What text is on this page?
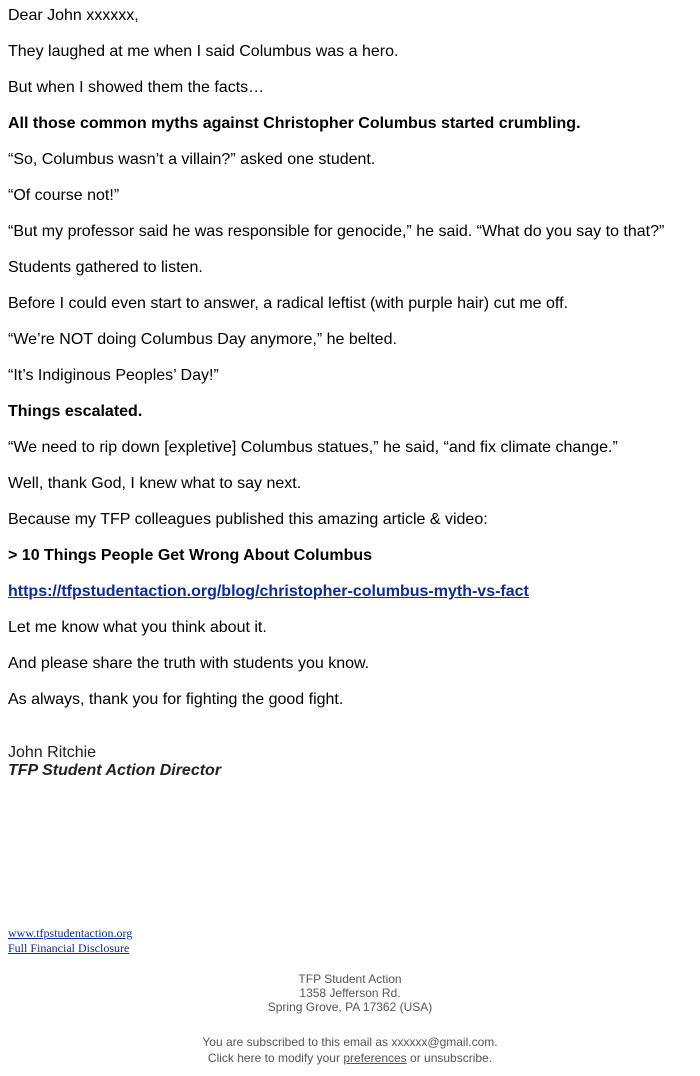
Dear John xxxxxx,

They laughed at me when I said Columbus was a hero.

But when I showed them the facts…

All those common myths against Christopher Columbus started crumbling.

“So, Columbus wasn’t a villain?” asked one student.

“Of course not!”

“But my professor said he was responsible for genocide,” he said. “What do you say to that?”

Students gathered to listen.

Before I could even start to answer, a radical leftist (with purple hair) cut me off.

“We’re NOT doing Columbus Day anymore,” he belted.

“It’s Indiginous Peoples’ Day!”

Things escalated.

“We need to rip down [expletive] Columbus statues,” he said, “and fix climate change.”

Well, thank God, I knew what to say next.

Because my TFP colleagues published this amazing article & video:

> 10 Things People Get Wrong About Columbus

https://tfpstudentaction.org/blog/christopher-columbus-myth-vs-fact

Let me know what you think about it.

And please share the truth with students you know.

As always, thank you for fighting the good fight.

John Ritchie
TFP Student Action Director
www.tfpstudentaction.org
Full Financial Disclosure
TFP Student Action
1358 Jefferson Rd.
Spring Grove, PA 17362 (USA)
You are subscribed to this email as xxxxxx@gmail.com.
Click here to modify your preferences or unsubscribe.
